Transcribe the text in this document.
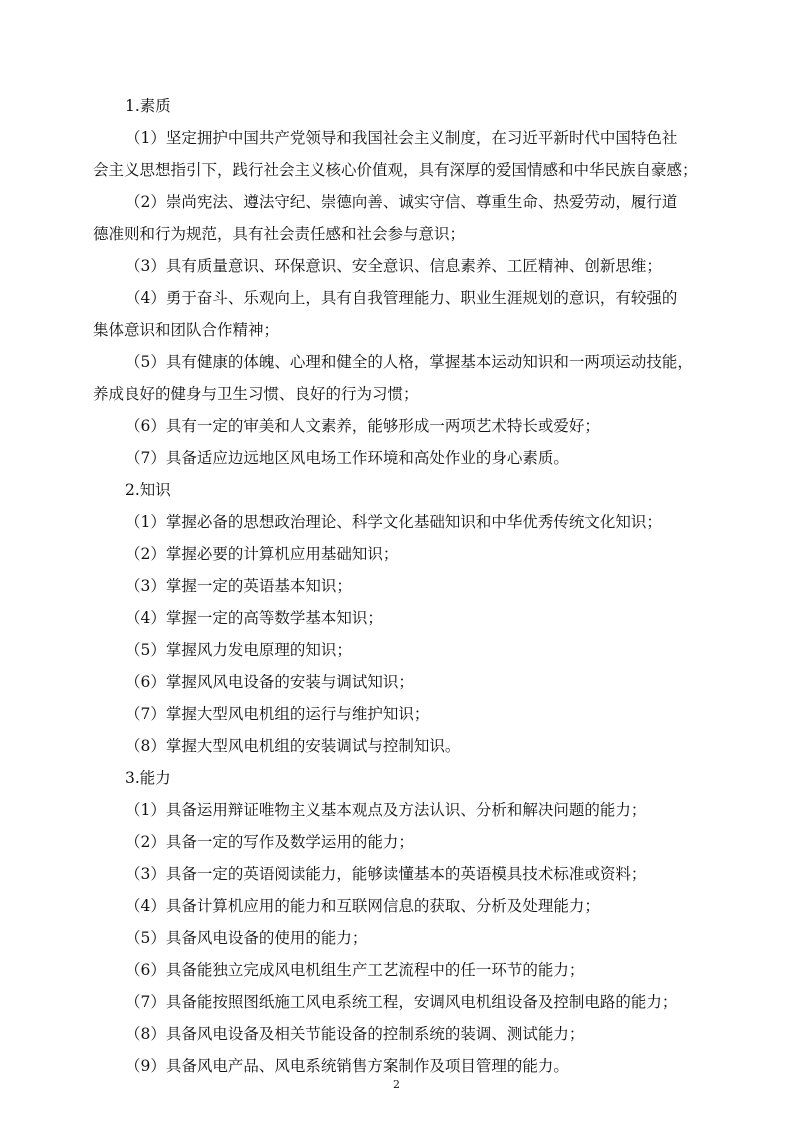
1.素质
（1）坚定拥护中国共产党领导和我国社会主义制度，在习近平新时代中国特色社
会主义思想指引下，践行社会主义核心价值观，具有深厚的爱国情感和中华民族自豪感；
（2）崇尚宪法、遵法守纪、崇德向善、诚实守信、尊重生命、热爱劳动，履行道
德准则和行为规范，具有社会责任感和社会参与意识；
（3）具有质量意识、环保意识、安全意识、信息素养、工匠精神、创新思维；
（4）勇于奋斗、乐观向上，具有自我管理能力、职业生涯规划的意识，有较强的
集体意识和团队合作精神；
（5）具有健康的体魄、心理和健全的人格，掌握基本运动知识和一两项运动技能，
养成良好的健身与卫生习惯、良好的行为习惯；
（6）具有一定的审美和人文素养，能够形成一两项艺术特长或爱好；
（7）具备适应边远地区风电场工作环境和高处作业的身心素质。
2.知识
（1）掌握必备的思想政治理论、科学文化基础知识和中华优秀传统文化知识；
（2）掌握必要的计算机应用基础知识；
（3）掌握一定的英语基本知识；
（4）掌握一定的高等数学基本知识；
（5）掌握风力发电原理的知识；
（6）掌握风风电设备的安装与调试知识；
（7）掌握大型风电机组的运行与维护知识；
（8）掌握大型风电机组的安装调试与控制知识。
3.能力
（1）具备运用辩证唯物主义基本观点及方法认识、分析和解决问题的能力；
（2）具备一定的写作及数学运用的能力；
（3）具备一定的英语阅读能力，能够读懂基本的英语模具技术标准或资料；
（4）具备计算机应用的能力和互联网信息的获取、分析及处理能力；
（5）具备风电设备的使用的能力；
（6）具备能独立完成风电机组生产工艺流程中的任一环节的能力；
（7）具备能按照图纸施工风电系统工程，安调风电机组设备及控制电路的能力；
（8）具备风电设备及相关节能设备的控制系统的装调、测试能力；
（9）具备风电产品、风电系统销售方案制作及项目管理的能力。
2
